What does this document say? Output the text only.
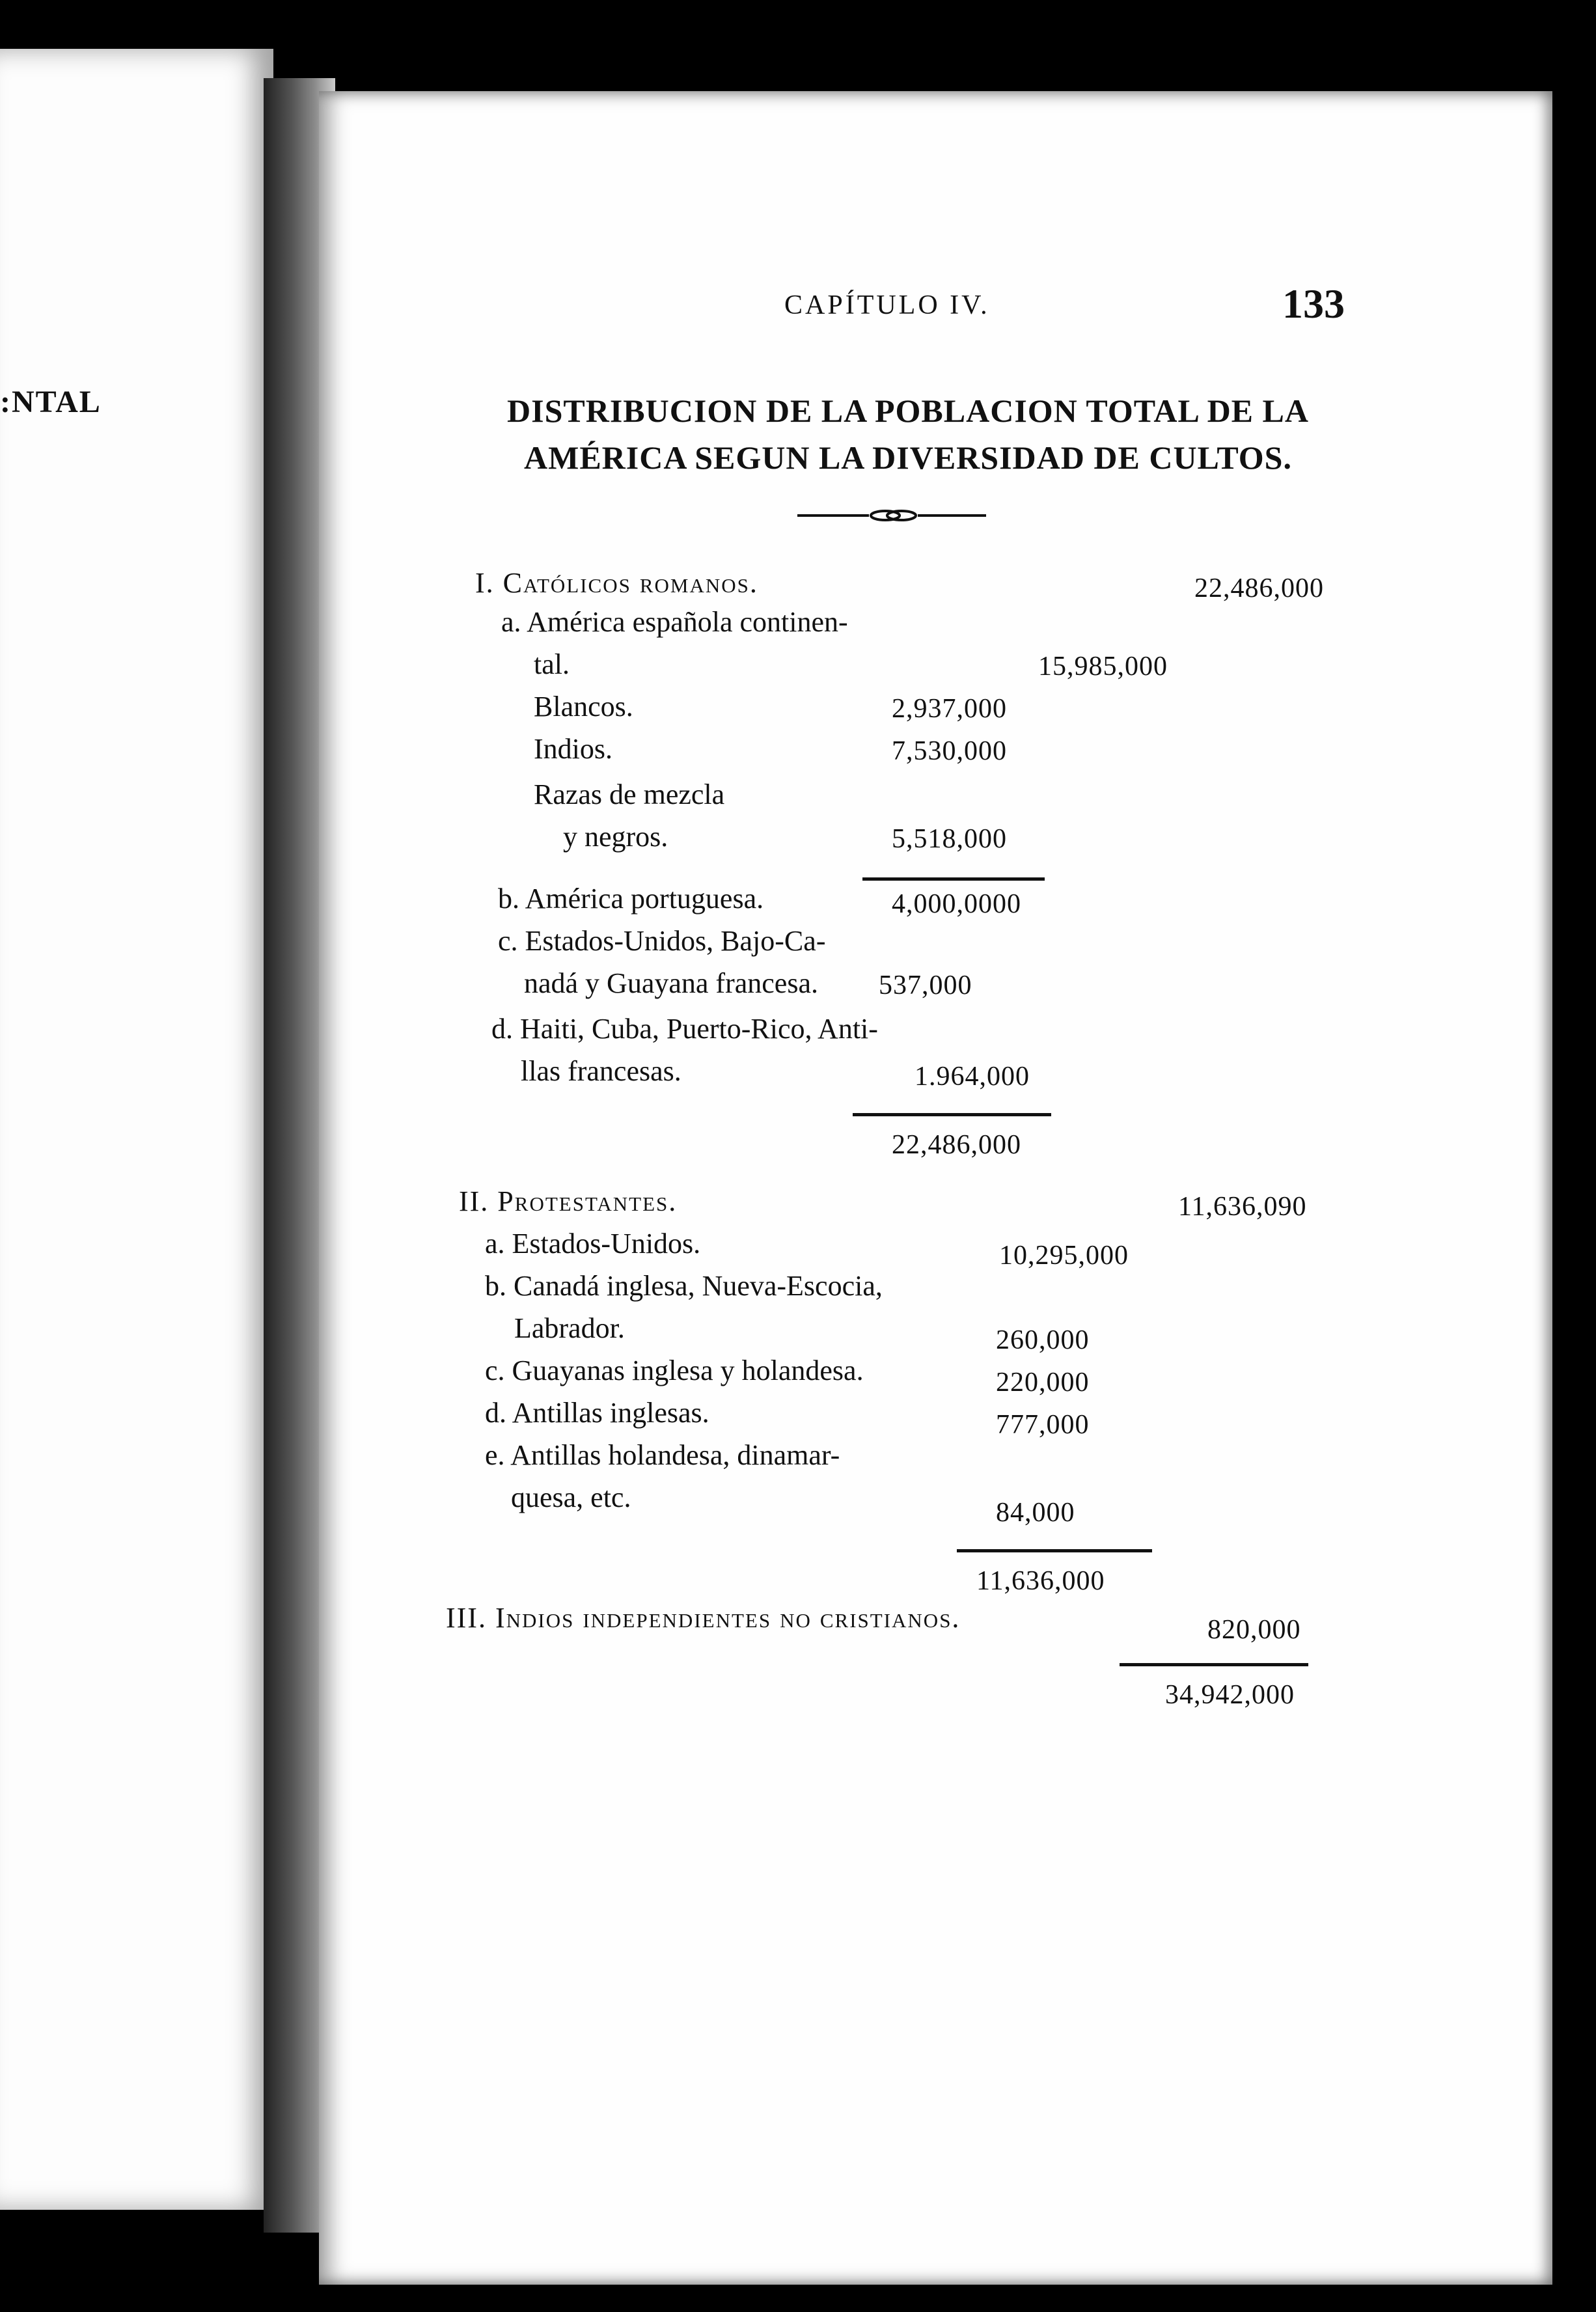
:NTAL
CAPÍTULO IV.	133
DISTRIBUCION DE LA POBLACION TOTAL DE LA AMÉRICA SEGUN LA DIVERSIDAD DE CULTOS.
I. Católicos romanos.	22,486,000
a. América española continen-
tal.	15,985,000
Blancos.	2,937,000
Indios.	7,530,000
Razas de mezcla
y negros.	5,518,000
b. América portuguesa.	4,000,0000
c. Estados-Unidos, Bajo-Ca-
nadá y Guayana francesa. 537,000
d. Haiti, Cuba, Puerto-Rico, Anti-
llas francesas.	1.964,000
22,486,000
II. Protestantes.	11,636,090
a. Estados-Unidos.	10,295,000
b. Canadá inglesa, Nueva-Escocia,
Labrador.	260,000
c. Guayanas inglesa y holandesa.	220,000
d. Antillas inglesas.	777,000
e. Antillas holandesa, dinamar-
quesa, etc.	84,000
11,636,000
III. Indios independientes no cristianos.	820,000
34,942,000
